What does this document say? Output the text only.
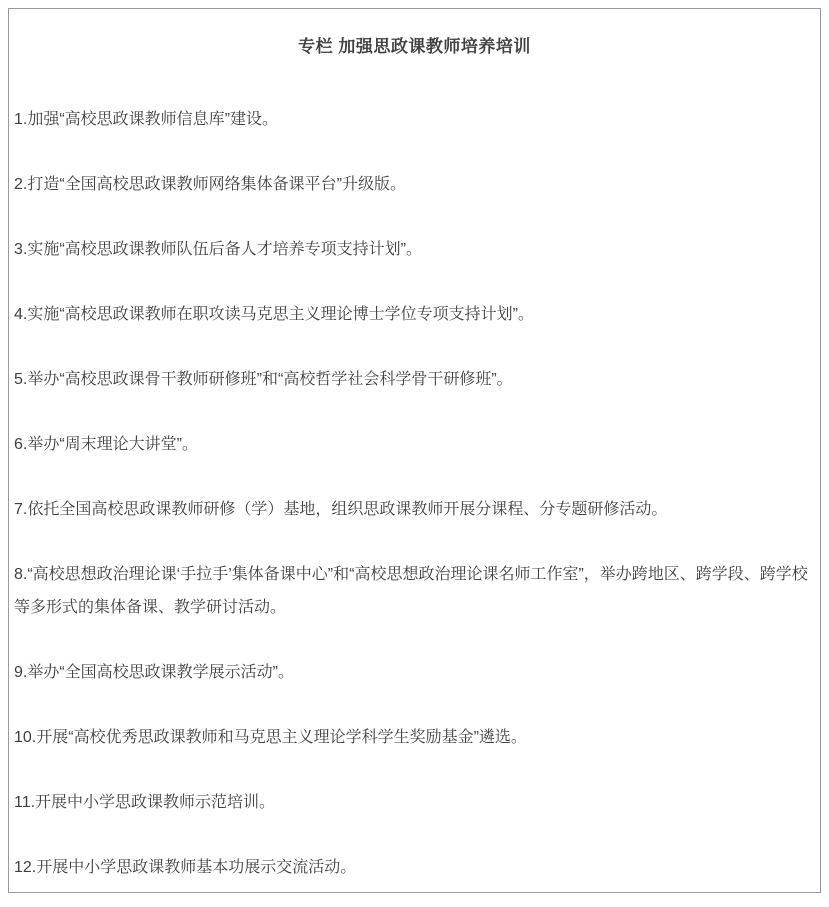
专栏 加强思政课教师培养培训

1.加强“高校思政课教师信息库”建设。

2.打造“全国高校思政课教师网络集体备课平台”升级版。

3.实施“高校思政课教师队伍后备人才培养专项支持计划”。

4.实施“高校思政课教师在职攻读马克思主义理论博士学位专项支持计划”。

5.举办“高校思政课骨干教师研修班”和“高校哲学社会科学骨干研修班”。

6.举办“周末理论大讲堂”。

7.依托全国高校思政课教师研修（学）基地，组织思政课教师开展分课程、分专题研修活动。

8.“高校思想政治理论课‘手拉手’集体备课中心”和“高校思想政治理论课名师工作室”，举办跨地区、跨学段、跨学校等多形式的集体备课、教学研讨活动。

9.举办“全国高校思政课教学展示活动”。

10.开展“高校优秀思政课教师和马克思主义理论学科学生奖励基金”遴选。

11.开展中小学思政课教师示范培训。

12.开展中小学思政课教师基本功展示交流活动。
